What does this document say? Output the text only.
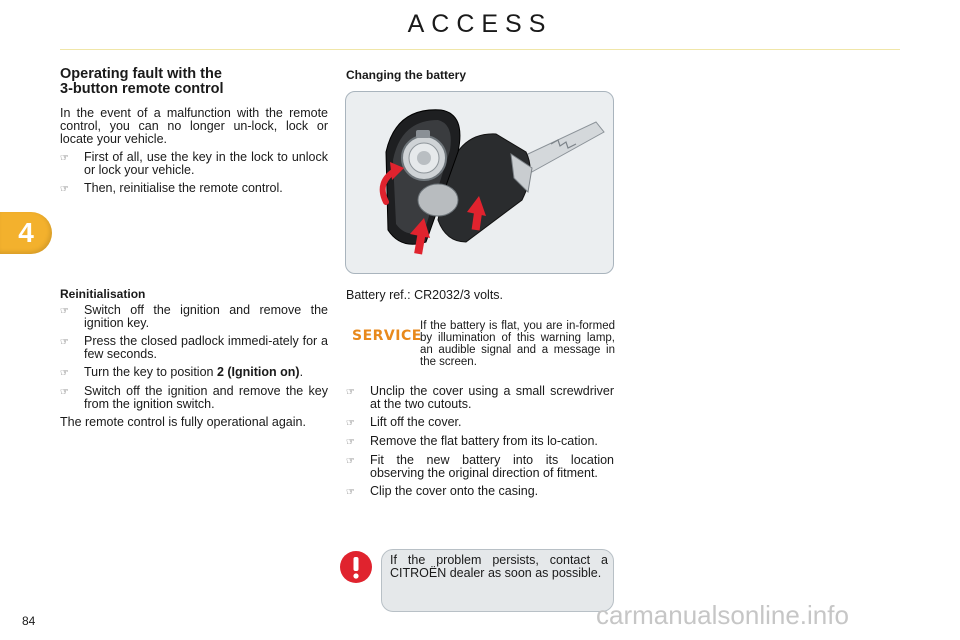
ACCESS
4
Operating fault with the
3-button remote control
In the event of a malfunction with the remote control, you can no longer un-lock, lock or locate your vehicle.
☞	First of all, use the key in the lock to unlock or lock your vehicle.
☞	Then, reinitialise the remote control.
Reinitialisation
☞	Switch off the ignition and remove the ignition key.
☞	Press the closed padlock immedi-ately for a few seconds.
☞	Turn the key to position 2 (Ignition on).
☞	Switch off the ignition and remove the key from the ignition switch.
The remote control is fully operational again.
Changing the battery
Battery ref.: CR2032/3 volts.
SERVICE
If the battery is flat, you are in-formed by illumination of this warning lamp, an audible signal and a message in the screen.
☞	Unclip the cover using a small screwdriver at the two cutouts.
☞	Lift off the cover.
☞	Remove the flat battery from its lo-cation.
☞	Fit the new battery into its location observing the original direction of fitment.
☞	Clip the cover onto the casing.
If the problem persists, contact a CITROËN dealer as soon as possible.
84	carmanualsonline.info
